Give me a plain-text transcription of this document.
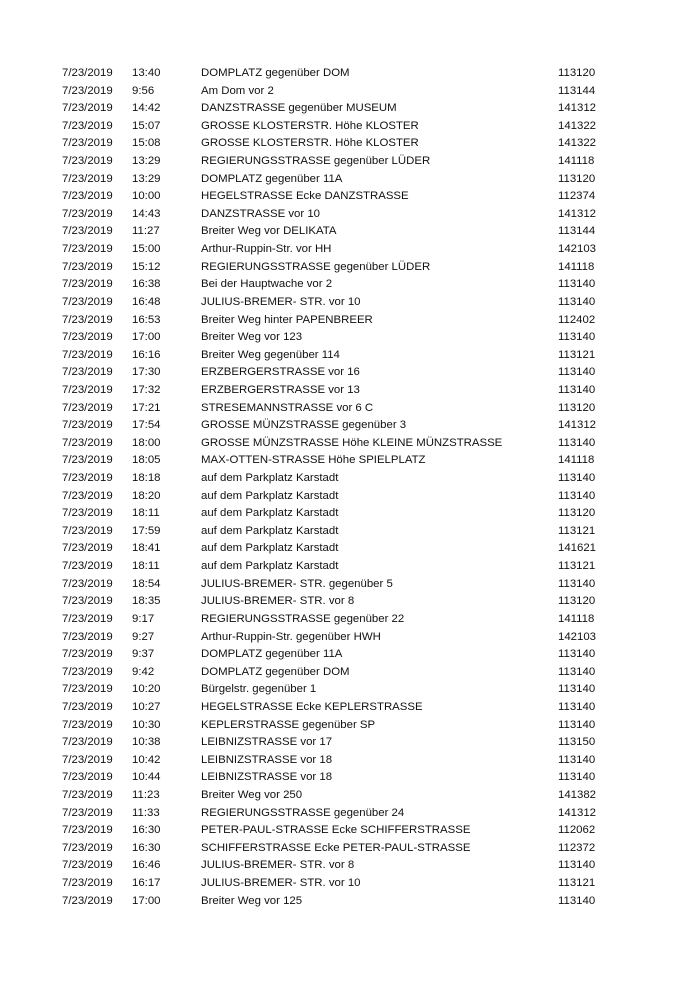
7/23/2019 13:40	DOMPLATZ gegenüber DOM	113120
7/23/2019 9:56	Am Dom vor 2	113144
7/23/2019 14:42	DANZSTRASSE gegenüber MUSEUM	141312
7/23/2019 15:07	GROSSE KLOSTERSTR. Höhe KLOSTER	141322
7/23/2019 15:08	GROSSE KLOSTERSTR. Höhe KLOSTER	141322
7/23/2019 13:29	REGIERUNGSSTRASSE gegenüber LÜDER	141118
7/23/2019 13:29	DOMPLATZ gegenüber 11A	113120
7/23/2019 10:00	HEGELSTRASSE Ecke DANZSTRASSE	112374
7/23/2019 14:43	DANZSTRASSE vor 10	141312
7/23/2019 11:27	Breiter Weg vor DELIKATA	113144
7/23/2019 15:00	Arthur-Ruppin-Str. vor HH	142103
7/23/2019 15:12	REGIERUNGSSTRASSE gegenüber LÜDER	141118
7/23/2019 16:38	Bei der Hauptwache vor 2	113140
7/23/2019 16:48	JULIUS-BREMER- STR. vor 10	113140
7/23/2019 16:53	Breiter Weg hinter PAPENBREER	112402
7/23/2019 17:00	Breiter Weg vor 123	113140
7/23/2019 16:16	Breiter Weg gegenüber 114	113121
7/23/2019 17:30	ERZBERGERSTRASSE vor 16	113140
7/23/2019 17:32	ERZBERGERSTRASSE vor 13	113140
7/23/2019 17:21	STRESEMANNSTRASSE vor 6 C	113120
7/23/2019 17:54	GROSSE MÜNZSTRASSE gegenüber 3	141312
7/23/2019 18:00	GROSSE MÜNZSTRASSE Höhe KLEINE MÜNZSTRASSE	113140
7/23/2019 18:05	MAX-OTTEN-STRASSE Höhe SPIELPLATZ	141118
7/23/2019 18:18	auf dem Parkplatz Karstadt	113140
7/23/2019 18:20	auf dem Parkplatz Karstadt	113140
7/23/2019 18:11	auf dem Parkplatz Karstadt	113120
7/23/2019 17:59	auf dem Parkplatz Karstadt	113121
7/23/2019 18:41	auf dem Parkplatz Karstadt	141621
7/23/2019 18:11	auf dem Parkplatz Karstadt	113121
7/23/2019 18:54	JULIUS-BREMER- STR. gegenüber 5	113140
7/23/2019 18:35	JULIUS-BREMER- STR. vor 8	113120
7/23/2019 9:17	REGIERUNGSSTRASSE gegenüber 22	141118
7/23/2019 9:27	Arthur-Ruppin-Str. gegenüber HWH	142103
7/23/2019 9:37	DOMPLATZ gegenüber 11A	113140
7/23/2019 9:42	DOMPLATZ gegenüber DOM	113140
7/23/2019 10:20	Bürgelstr. gegenüber 1	113140
7/23/2019 10:27	HEGELSTRASSE Ecke KEPLERSTRASSE	113140
7/23/2019 10:30	KEPLERSTRASSE gegenüber SP	113140
7/23/2019 10:38	LEIBNIZSTRASSE vor 17	113150
7/23/2019 10:42	LEIBNIZSTRASSE vor 18	113140
7/23/2019 10:44	LEIBNIZSTRASSE vor 18	113140
7/23/2019 11:23	Breiter Weg vor 250	141382
7/23/2019 11:33	REGIERUNGSSTRASSE gegenüber 24	141312
7/23/2019 16:30	PETER-PAUL-STRASSE Ecke SCHIFFERSTRASSE	112062
7/23/2019 16:30	SCHIFFERSTRASSE Ecke PETER-PAUL-STRASSE	112372
7/23/2019 16:46	JULIUS-BREMER- STR. vor 8	113140
7/23/2019 16:17	JULIUS-BREMER- STR. vor 10	113121
7/23/2019 17:00	Breiter Weg vor 125	113140
